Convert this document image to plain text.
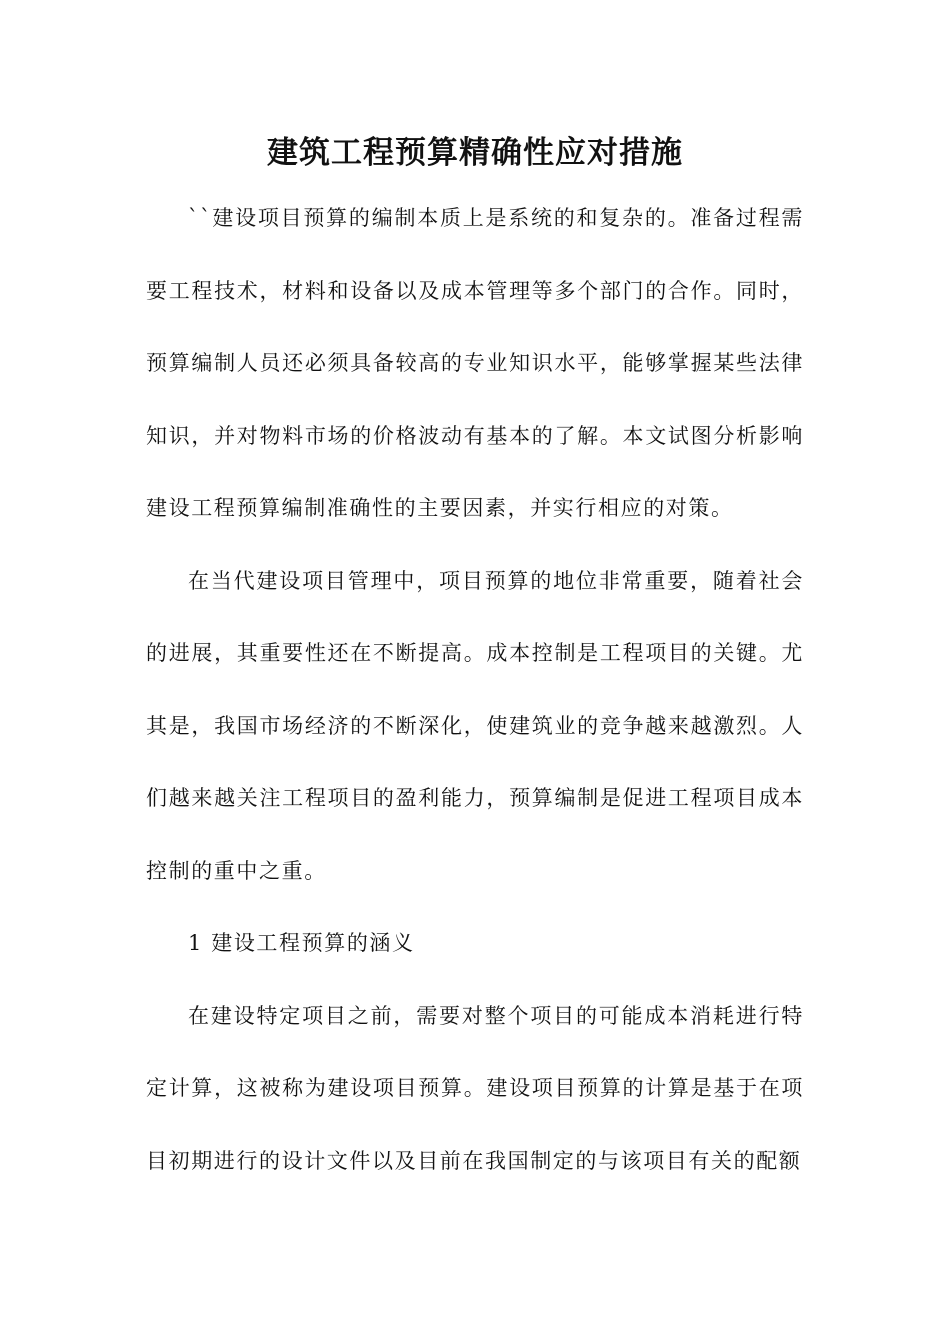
建筑工程预算精确性应对措施

``建设项目预算的编制本质上是系统的和复杂的。准备过程需要工程技术，材料和设备以及成本管理等多个部门的合作。同时，预算编制人员还必须具备较高的专业知识水平，能够掌握某些法律知识，并对物料市场的价格波动有基本的了解。本文试图分析影响建设工程预算编制准确性的主要因素，并实行相应的对策。

在当代建设项目管理中，项目预算的地位非常重要，随着社会的进展，其重要性还在不断提高。成本控制是工程项目的关键。尤其是，我国市场经济的不断深化，使建筑业的竞争越来越激烈。人们越来越关注工程项目的盈利能力，预算编制是促进工程项目成本控制的重中之重。

1 建设工程预算的涵义

在建设特定项目之前，需要对整个项目的可能成本消耗进行特定计算，这被称为建设项目预算。建设项目预算的计算是基于在项目初期进行的设计文件以及目前在我国制定的与该项目有关的配额
